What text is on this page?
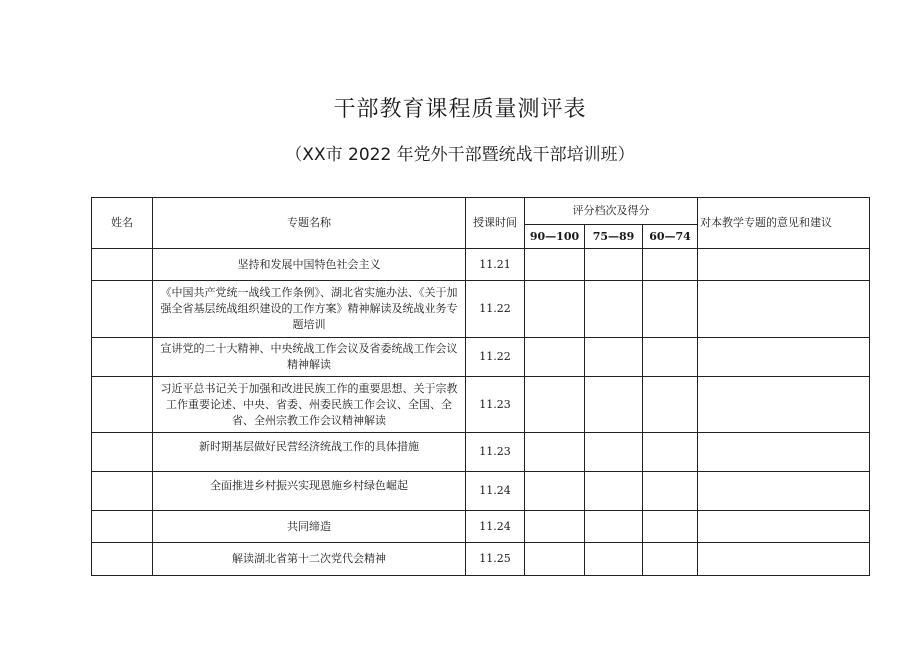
干部教育课程质量测评表
（XX市 2022 年党外干部暨统战干部培训班）
姓名	专题名称	授课时间	评分档次及得分			对本教学专题的意见和建议
			90—100	75—89	60—74	
	坚持和发展中国特色社会主义	11.21				
	《中国共产党统一战线工作条例》、湖北省实施办法、《关于加强全省基层统战组织建设的工作方案》精神解读及统战业务专题培训	11.22				
	宣讲党的二十大精神、中央统战工作会议及省委统战工作会议精神解读	11.22				
	习近平总书记关于加强和改进民族工作的重要思想、关于宗教工作重要论述、中央、省委、州委民族工作会议、全国、全省、全州宗教工作会议精神解读	11.23				
	新时期基层做好民营经济统战工作的具体措施	11.23				
	全面推进乡村振兴实现恩施乡村绿色崛起	11.24				
	共同缔造	11.24				
	解读湖北省第十二次党代会精神	11.25				
